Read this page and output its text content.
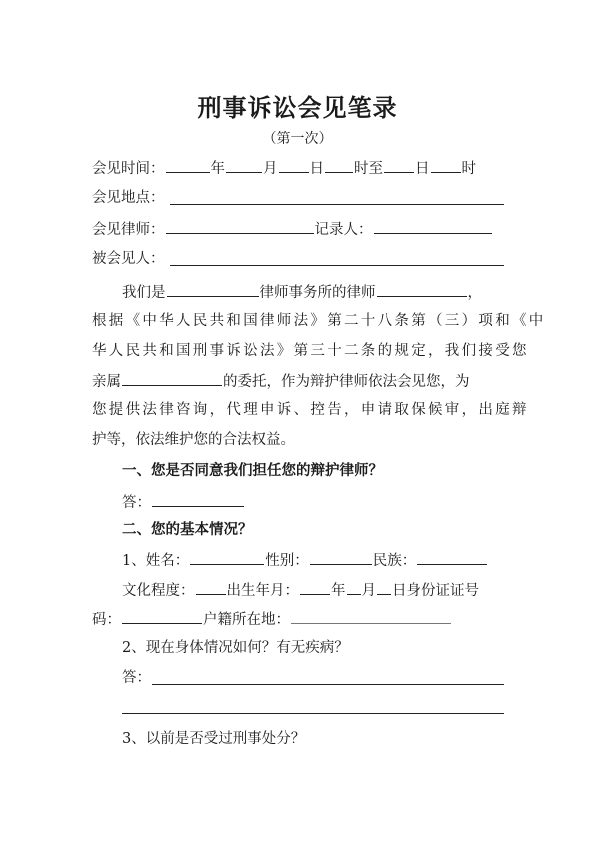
刑事诉讼会见笔录
（第一次）
会见时间：	年	月 日 时至 日 时
会见地点：
会见律师：	记录人：
被会见人：
我们是	律师事务所的律师	，
根据《中华人民共和国律师法》第二十八条第（三）项和《中
华人民共和国刑事诉讼法》第三十二条的规定，我们接受您
亲属	的委托，作为辩护律师依法会见您，为
您提供法律咨询，代理申诉、控告，申请取保候审，出庭辩
护等，依法维护您的合法权益。
一、您是否同意我们担任您的辩护律师？
答：
二、您的基本情况？
1、姓名：	性别：	民族：
文化程度： 出生年月： 年 月 日身份证证号
码：	户籍所在地：
2、现在身体情况如何？有无疾病？
答：
3、以前是否受过刑事处分？
